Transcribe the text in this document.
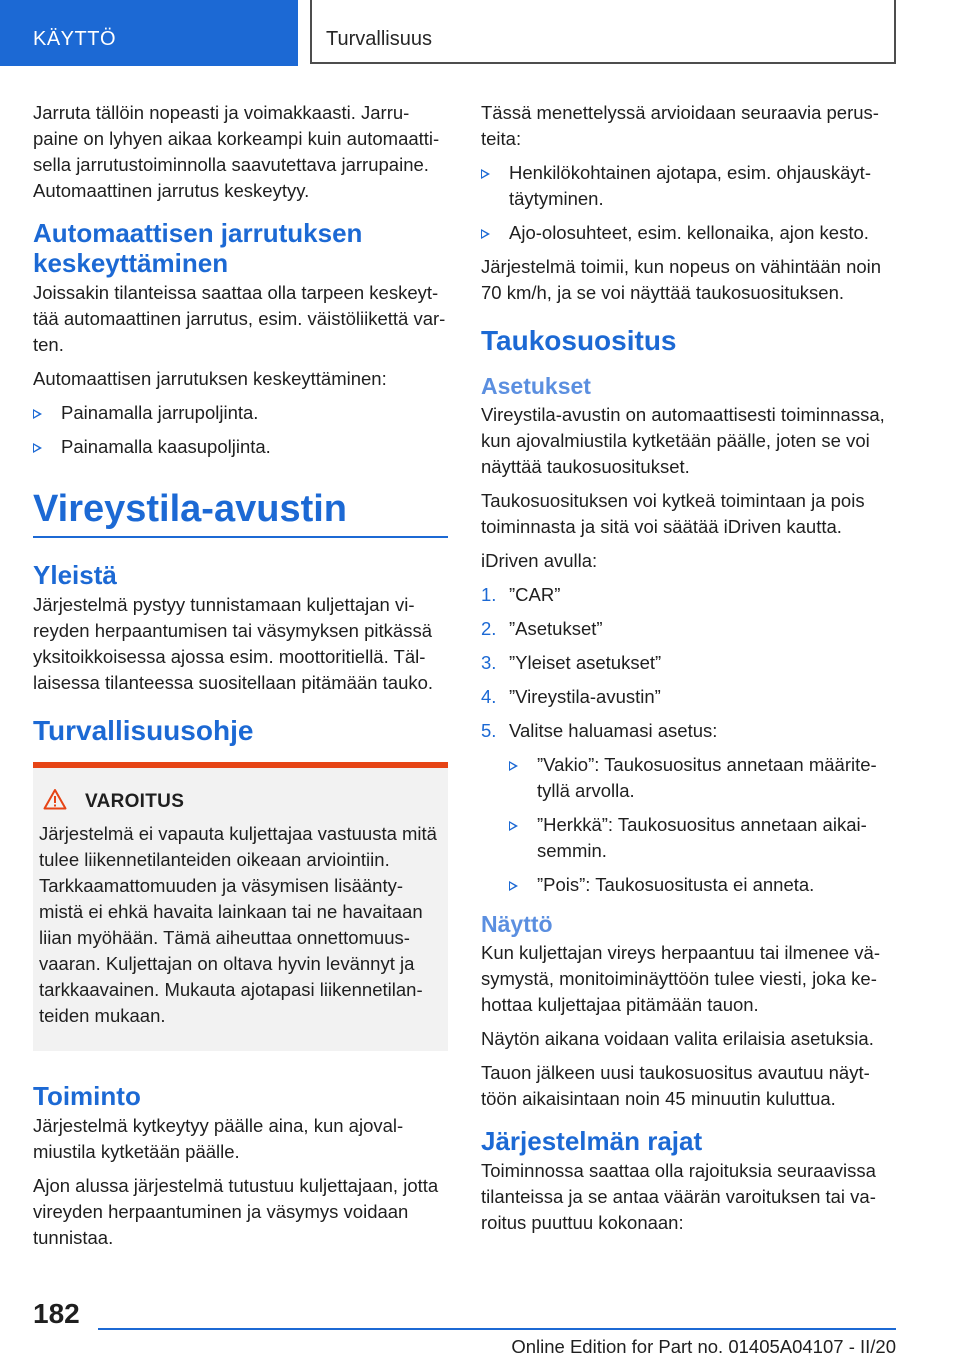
KÄYTTÖ	Turvallisuus

Jarruta tällöin nopeasti ja voimakkaasti. Jarrupaine on lyhyen aikaa korkeampi kuin automaattisella jarrutustoiminnolla saavutettava jarrupaine. Automaattinen jarrutus keskeytyy.

Automaattisen jarrutuksen keskeyttäminen

Joissakin tilanteissa saattaa olla tarpeen keskeyttää automaattinen jarrutus, esim. väistöliikettä varten.

Automaattisen jarrutuksen keskeyttäminen:

Painamalla jarrupoljinta.
Painamalla kaasupoljinta.
Vireystila-avustin
Yleistä

Järjestelmä pystyy tunnistamaan kuljettajan vireyden herpaantumisen tai väsymyksen pitkässä yksitoikkoisessa ajossa esim. moottoritiellä. Tällaisessa tilanteessa suositellaan pitämään tauko.

Turvallisuusohje
VAROITUS

Järjestelmä ei vapauta kuljettajaa vastuusta mitä tulee liikennetilanteiden oikeaan arviointiin. Tarkkaamattomuuden ja väsymisen lisääntymistä ei ehkä havaita lainkaan tai ne havaitaan liian myöhään. Tämä aiheuttaa onnettomuusvaaran. Kuljettajan on oltava hyvin levännyt ja tarkkaavainen. Mukauta ajotapasi liikennetilanteiden mukaan.

Toiminto

Järjestelmä kytkeytyy päälle aina, kun ajovalmiustila kytketään päälle.

Ajon alussa järjestelmä tutustuu kuljettajaan, jotta vireyden herpaantuminen ja väsymys voidaan tunnistaa.

Tässä menettelyssä arvioidaan seuraavia perusteita:

Henkilökohtainen ajotapa, esim. ohjauskäyttäytyminen.
Ajo-olosuhteet, esim. kellonaika, ajon kesto.

Järjestelmä toimii, kun nopeus on vähintään noin 70 km/h, ja se voi näyttää taukosuosituksen.

Taukosuositus
Asetukset

Vireystila-avustin on automaattisesti toiminnassa, kun ajovalmiustila kytketään päälle, joten se voi näyttää taukosuositukset.

Taukosuosituksen voi kytkeä toimintaan ja pois toiminnasta ja sitä voi säätää iDriven kautta.

iDriven avulla:

1. ”CAR”
2. ”Asetukset”
3. ”Yleiset asetukset”
4. ”Vireystila-avustin”
5. Valitse haluamasi asetus:
”Vakio”: Taukosuositus annetaan määritetyllä arvolla.
”Herkkä”: Taukosuositus annetaan aikaisemmin.
”Pois”: Taukosuositusta ei anneta.
Näyttö

Kun kuljettajan vireys herpaantuu tai ilmenee väsymystä, monitoiminäyttöön tulee viesti, joka kehottaa kuljettajaa pitämään tauon.

Näytön aikana voidaan valita erilaisia asetuksia.

Tauon jälkeen uusi taukosuositus avautuu näyttöön aikaisintaan noin 45 minuutin kuluttua.

Järjestelmän rajat

Toiminnossa saattaa olla rajoituksia seuraavissa tilanteissa ja se antaa väärän varoituksen tai varoitus puuttuu kokonaan:

182
Online Edition for Part no. 01405A04107 - II/20
